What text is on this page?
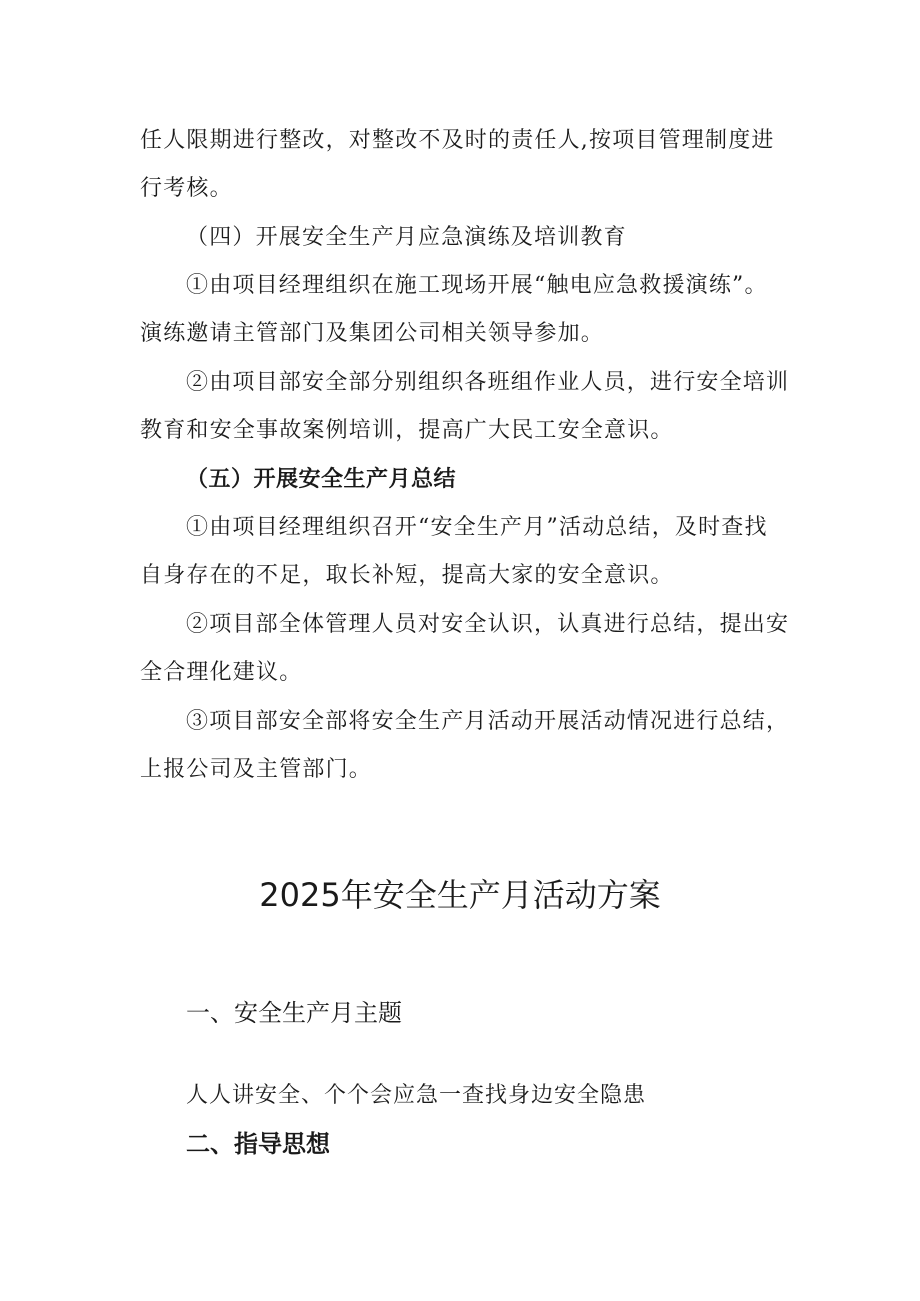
任人限期进行整改，对整改不及时的责任人,按项目管理制度进
行考核。
（四）开展安全生产月应急演练及培训教育
①由项目经理组织在施工现场开展“触电应急救援演练”。
演练邀请主管部门及集团公司相关领导参加。
②由项目部安全部分别组织各班组作业人员，进行安全培训
教育和安全事故案例培训，提高广大民工安全意识。
（五）开展安全生产月总结
①由项目经理组织召开“安全生产月”活动总结，及时查找
自身存在的不足，取长补短，提高大家的安全意识。
②项目部全体管理人员对安全认识，认真进行总结，提出安
全合理化建议。
③项目部安全部将安全生产月活动开展活动情况进行总结，
上报公司及主管部门。
2025年安全生产月活动方案
一、安全生产月主题
人人讲安全、个个会应急一查找身边安全隐患
二、指导思想
